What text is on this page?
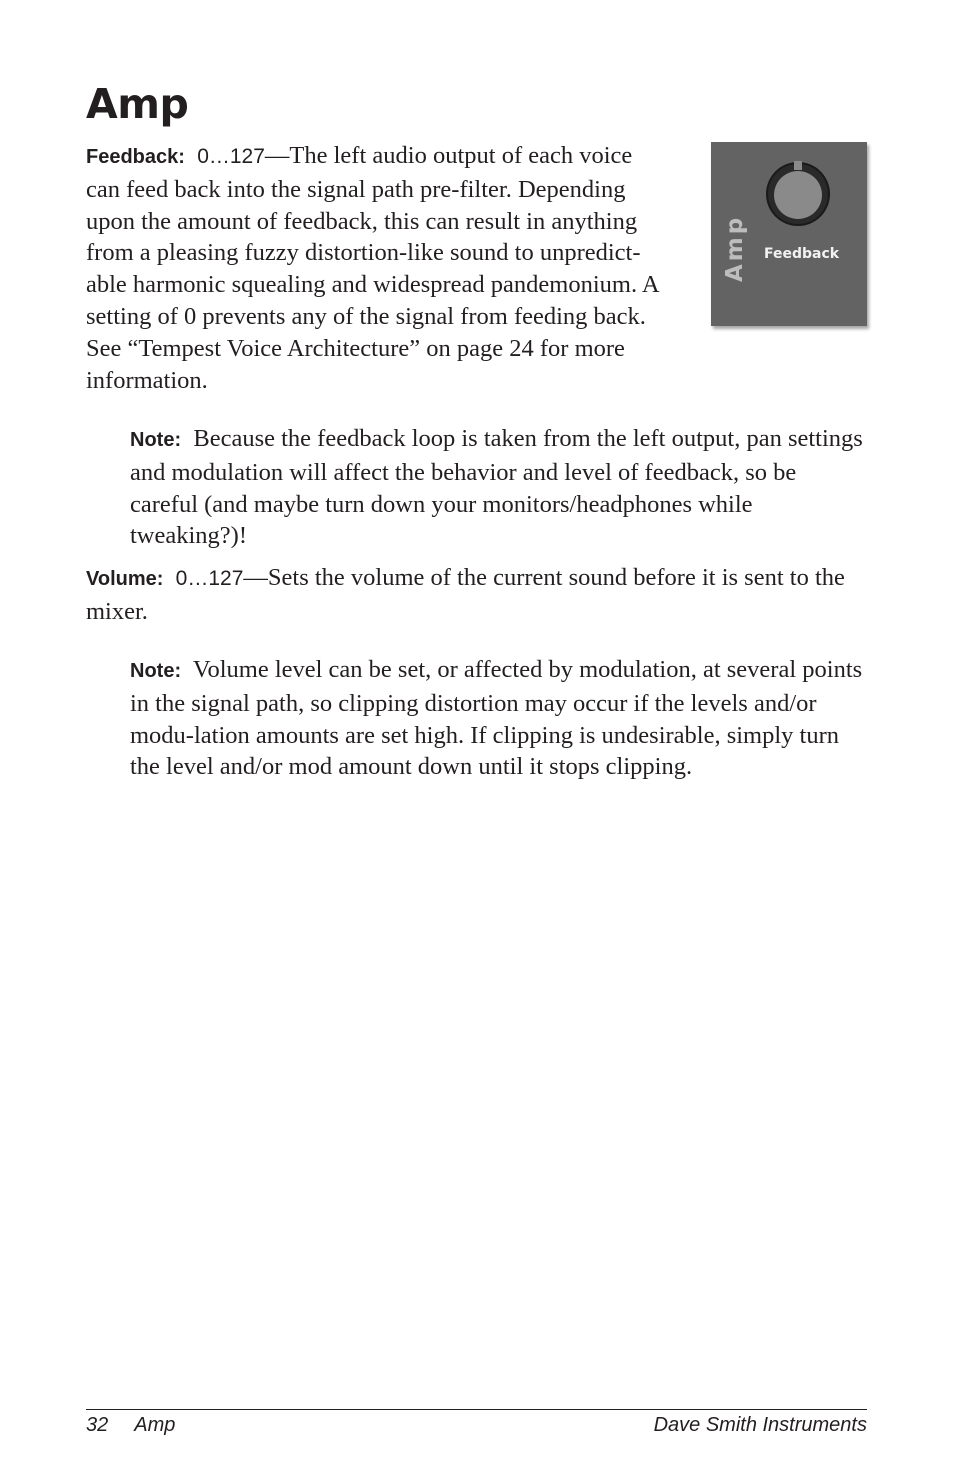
Amp

Feedback: 0…127—The left audio output of each voice can feed back into the signal path pre-filter. Depending upon the amount of feedback, this can result in anything from a pleasing fuzzy distortion-like sound to unpredict-able harmonic squealing and widespread pandemonium. A setting of 0 prevents any of the signal from feeding back. See “Tempest Voice Architecture” on page 24 for more information.

Amp Feedback

Note: Because the feedback loop is taken from the left output, pan settings and modulation will affect the behavior and level of feedback, so be careful (and maybe turn down your monitors/headphones while tweaking?)!

Volume: 0…127—Sets the volume of the current sound before it is sent to the mixer.

Note: Volume level can be set, or affected by modulation, at several points in the signal path, so clipping distortion may occur if the levels and/or modu-lation amounts are set high. If clipping is undesirable, simply turn the level and/or mod amount down until it stops clipping.

32 Amp	Dave Smith Instruments
